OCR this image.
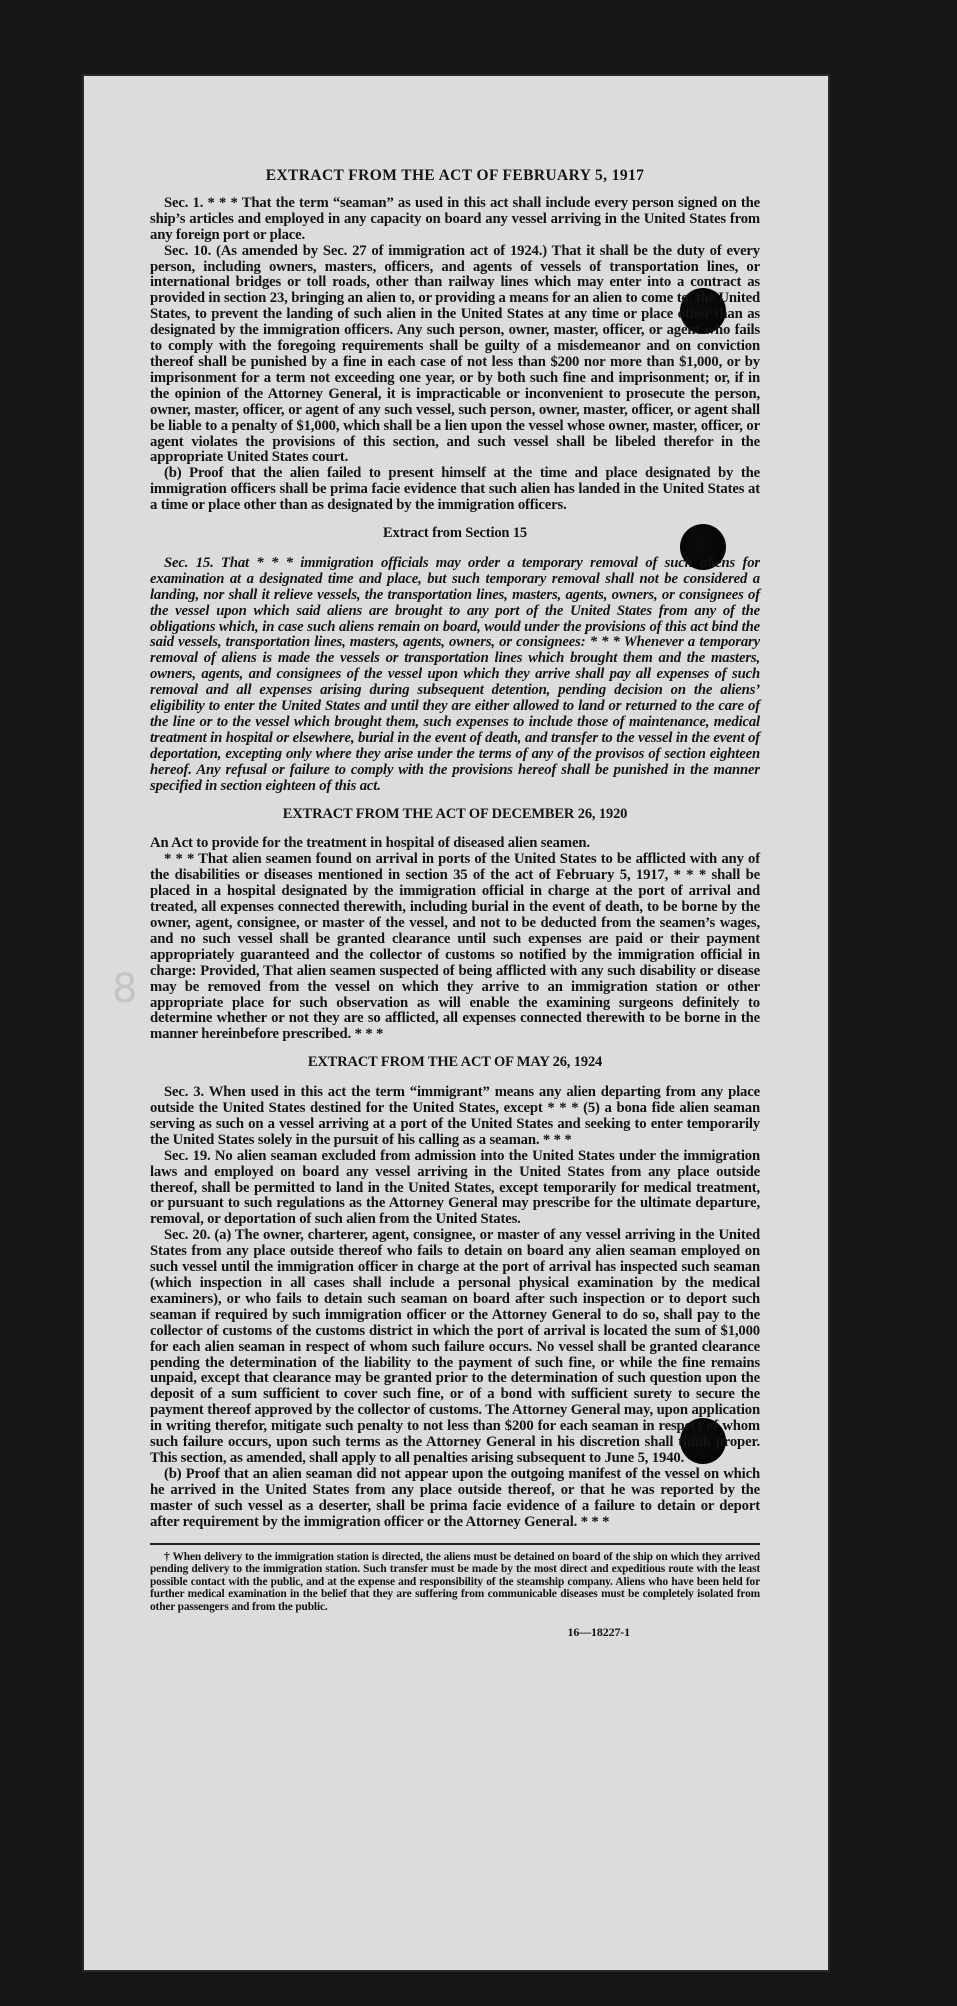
8
EXTRACT FROM THE ACT OF FEBRUARY 5, 1917

Sec. 1. * * * That the term “seaman” as used in this act shall include every person signed on the ship’s articles and employed in any capacity on board any vessel arriving in the United States from any foreign port or place.

Sec. 10. (As amended by Sec. 27 of immigration act of 1924.) That it shall be the duty of every person, including owners, masters, officers, and agents of vessels of transportation lines, or international bridges or toll roads, other than railway lines which may enter into a contract as provided in section 23, bringing an alien to, or providing a means for an alien to come to, the United States, to prevent the landing of such alien in the United States at any time or place other than as designated by the immigration officers. Any such person, owner, master, officer, or agent who fails to comply with the foregoing requirements shall be guilty of a misdemeanor and on conviction thereof shall be punished by a fine in each case of not less than $200 nor more than $1,000, or by imprisonment for a term not exceeding one year, or by both such fine and imprisonment; or, if in the opinion of the Attorney General, it is impracticable or inconvenient to prosecute the person, owner, master, officer, or agent of any such vessel, such person, owner, master, officer, or agent shall be liable to a penalty of $1,000, which shall be a lien upon the vessel whose owner, master, officer, or agent violates the provisions of this section, and such vessel shall be libeled therefor in the appropriate United States court.

(b) Proof that the alien failed to present himself at the time and place designated by the immigration officers shall be prima facie evidence that such alien has landed in the United States at a time or place other than as designated by the immigration officers.

Extract from Section 15

Sec. 15. That * * * immigration officials may order a temporary removal of such aliens for examination at a designated time and place, but such temporary removal shall not be considered a landing, nor shall it relieve vessels, the transportation lines, masters, agents, owners, or consignees of the vessel upon which said aliens are brought to any port of the United States from any of the obligations which, in case such aliens remain on board, would under the provisions of this act bind the said vessels, transportation lines, masters, agents, owners, or consignees: * * * Whenever a temporary removal of aliens is made the vessels or transportation lines which brought them and the masters, owners, agents, and consignees of the vessel upon which they arrive shall pay all expenses of such removal and all expenses arising during subsequent detention, pending decision on the aliens’ eligibility to enter the United States and until they are either allowed to land or returned to the care of the line or to the vessel which brought them, such expenses to include those of maintenance, medical treatment in hospital or elsewhere, burial in the event of death, and transfer to the vessel in the event of deportation, excepting only where they arise under the terms of any of the provisos of section eighteen hereof. Any refusal or failure to comply with the provisions hereof shall be punished in the manner specified in section eighteen of this act.

EXTRACT FROM THE ACT OF DECEMBER 26, 1920

An Act to provide for the treatment in hospital of diseased alien seamen.

* * * That alien seamen found on arrival in ports of the United States to be afflicted with any of the disabilities or diseases mentioned in section 35 of the act of February 5, 1917, * * * shall be placed in a hospital designated by the immigration official in charge at the port of arrival and treated, all expenses connected therewith, including burial in the event of death, to be borne by the owner, agent, consignee, or master of the vessel, and not to be deducted from the seamen’s wages, and no such vessel shall be granted clearance until such expenses are paid or their payment appropriately guaranteed and the collector of customs so notified by the immigration official in charge: Provided, That alien seamen suspected of being afflicted with any such disability or disease may be removed from the vessel on which they arrive to an immigration station or other appropriate place for such observation as will enable the examining surgeons definitely to determine whether or not they are so afflicted, all expenses connected therewith to be borne in the manner hereinbefore prescribed. * * *

EXTRACT FROM THE ACT OF MAY 26, 1924

Sec. 3. When used in this act the term “immigrant” means any alien departing from any place outside the United States destined for the United States, except * * * (5) a bona fide alien seaman serving as such on a vessel arriving at a port of the United States and seeking to enter temporarily the United States solely in the pursuit of his calling as a seaman. * * *

Sec. 19. No alien seaman excluded from admission into the United States under the immigration laws and employed on board any vessel arriving in the United States from any place outside thereof, shall be permitted to land in the United States, except temporarily for medical treatment, or pursuant to such regulations as the Attorney General may prescribe for the ultimate departure, removal, or deportation of such alien from the United States.

Sec. 20. (a) The owner, charterer, agent, consignee, or master of any vessel arriving in the United States from any place outside thereof who fails to detain on board any alien seaman employed on such vessel until the immigration officer in charge at the port of arrival has inspected such seaman (which inspection in all cases shall include a personal physical examination by the medical examiners), or who fails to detain such seaman on board after such inspection or to deport such seaman if required by such immigration officer or the Attorney General to do so, shall pay to the collector of customs of the customs district in which the port of arrival is located the sum of $1,000 for each alien seaman in respect of whom such failure occurs. No vessel shall be granted clearance pending the determination of the liability to the payment of such fine, or while the fine remains unpaid, except that clearance may be granted prior to the determination of such question upon the deposit of a sum sufficient to cover such fine, or of a bond with sufficient surety to secure the payment thereof approved by the collector of customs. The Attorney General may, upon application in writing therefor, mitigate such penalty to not less than $200 for each seaman in respect of whom such failure occurs, upon such terms as the Attorney General in his discretion shall think proper. This section, as amended, shall apply to all penalties arising subsequent to June 5, 1940.

(b) Proof that an alien seaman did not appear upon the outgoing manifest of the vessel on which he arrived in the United States from any place outside thereof, or that he was reported by the master of such vessel as a deserter, shall be prima facie evidence of a failure to detain or deport after requirement by the immigration officer or the Attorney General. * * *

† When delivery to the immigration station is directed, the aliens must be detained on board of the ship on which they arrived pending delivery to the immigration station. Such transfer must be made by the most direct and expeditious route with the least possible contact with the public, and at the expense and responsibility of the steamship company. Aliens who have been held for further medical examination in the belief that they are suffering from communicable diseases must be completely isolated from other passengers and from the public.

16—18227-1
